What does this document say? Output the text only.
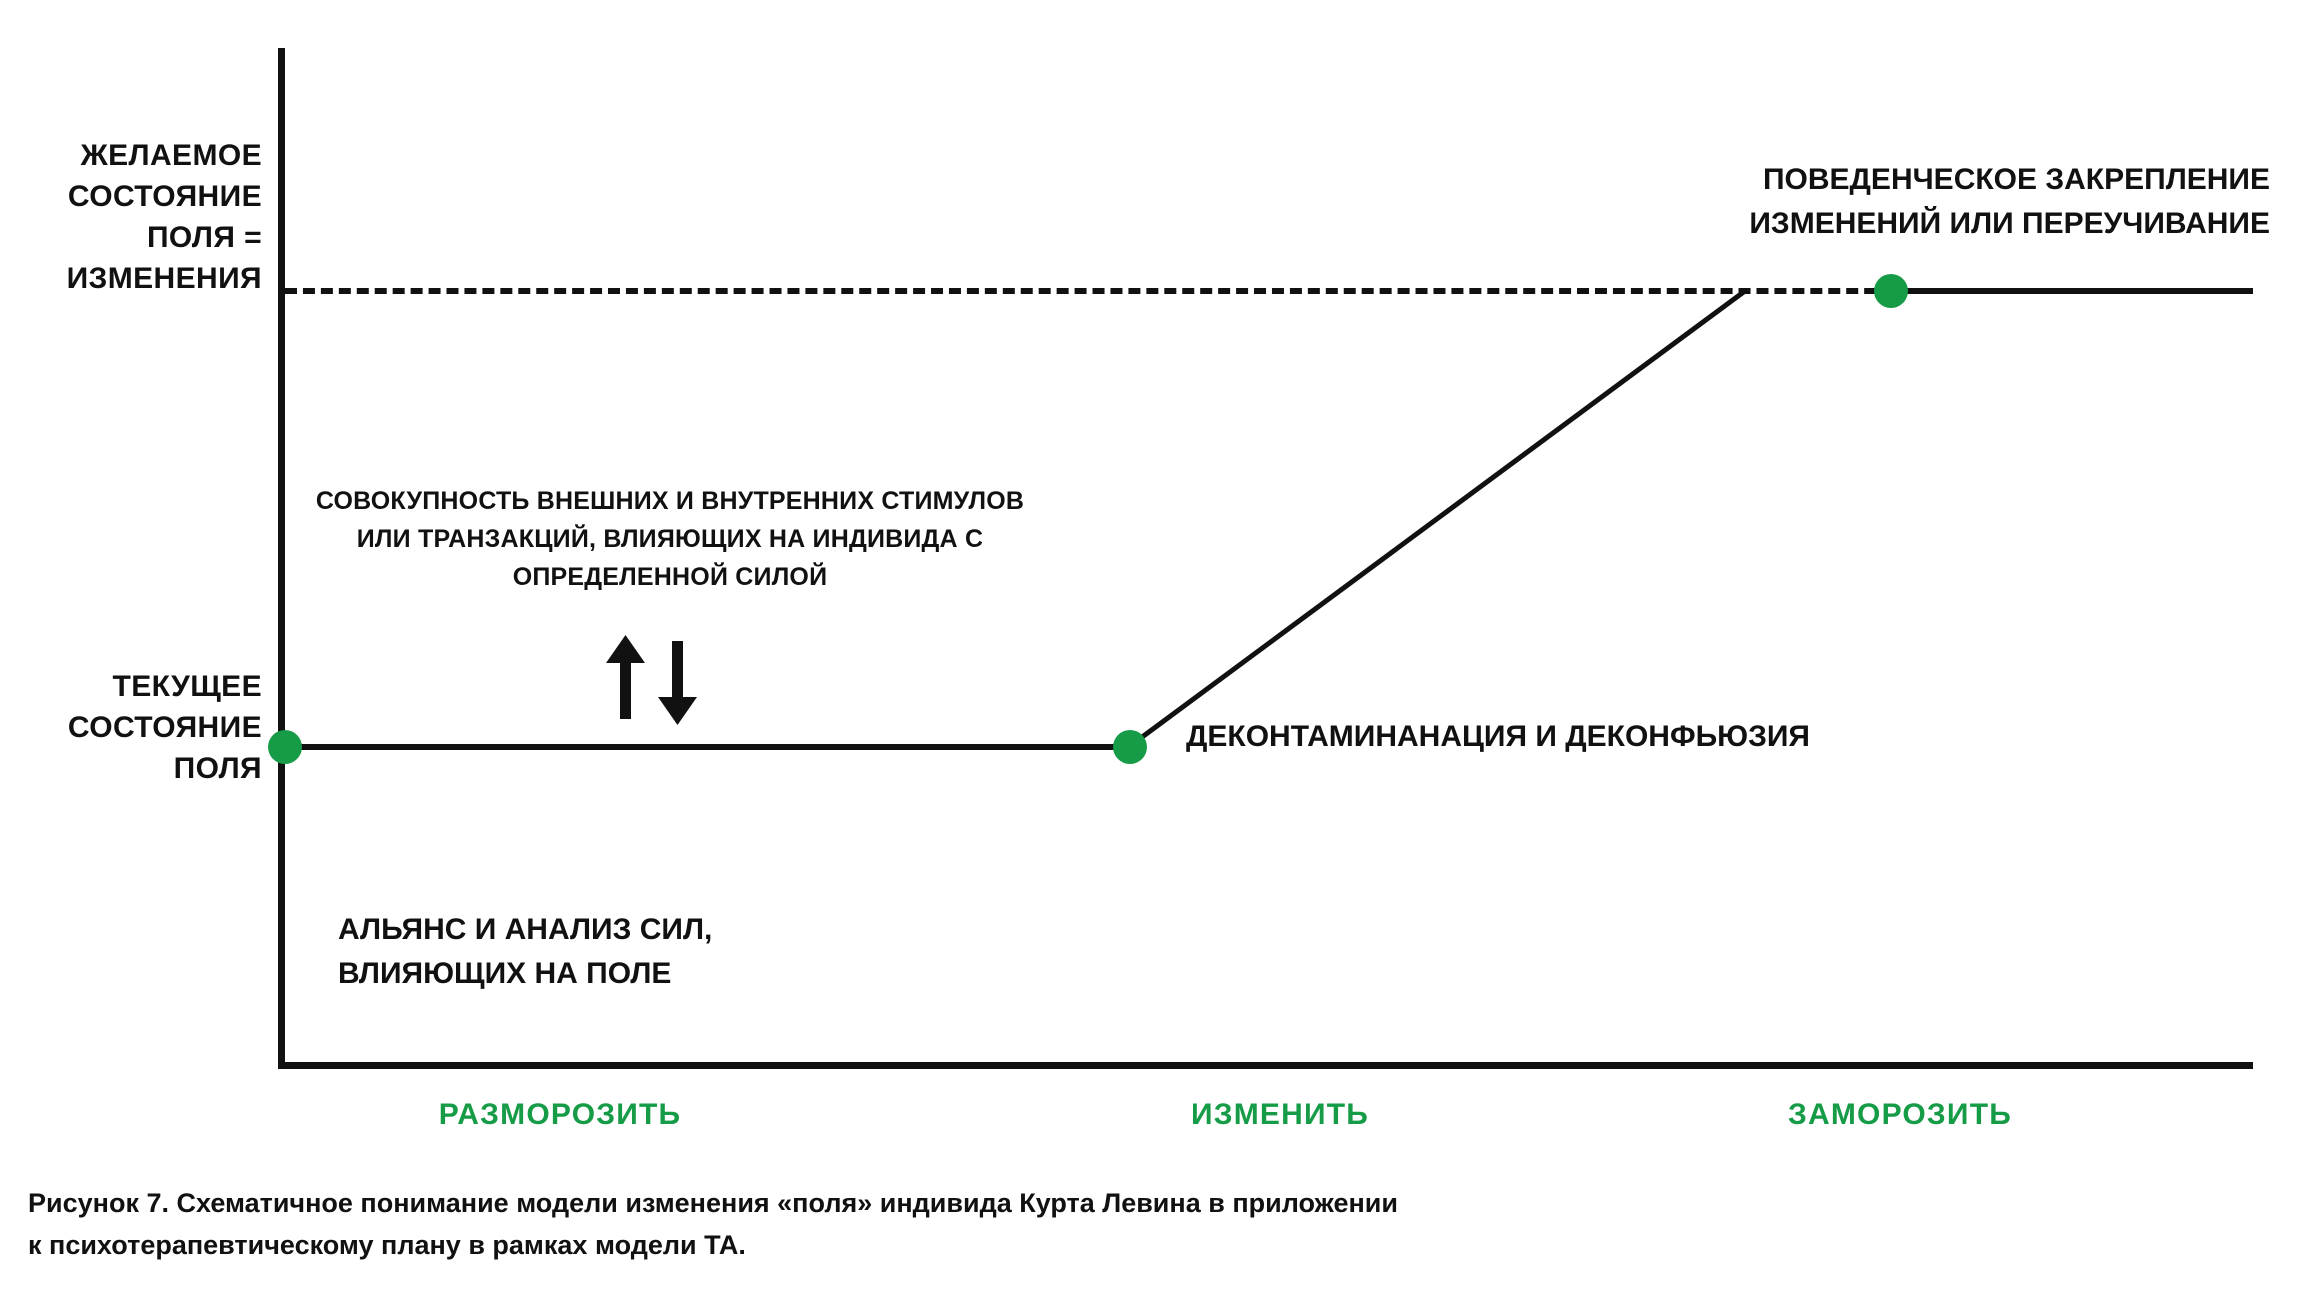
ЖЕЛАЕМОЕ СОСТОЯНИЕ ПОЛЯ = ИЗМЕНЕНИЯ
ТЕКУЩЕЕ СОСТОЯНИЕ ПОЛЯ
СОВОКУПНОСТЬ ВНЕШНИХ И ВНУТРЕННИХ СТИМУЛОВ ИЛИ ТРАНЗАКЦИЙ, ВЛИЯЮЩИХ НА ИНДИВИДА С ОПРЕДЕЛЕННОЙ СИЛОЙ
ДЕКОНТАМИНАНАЦИЯ И ДЕКОНФЬЮЗИЯ
ПОВЕДЕНЧЕСКОЕ ЗАКРЕПЛЕНИЕ ИЗМЕНЕНИЙ ИЛИ ПЕРЕУЧИВАНИЕ
АЛЬЯНС И АНАЛИЗ СИЛ, ВЛИЯЮЩИХ НА ПОЛЕ
РАЗМОРОЗИТЬ	ИЗМЕНИТЬ	ЗАМОРОЗИТЬ
Рисунок 7. Схематичное понимание модели изменения «поля» индивида Курта Левина в приложении
к психотерапевтическому плану в рамках модели ТА.
